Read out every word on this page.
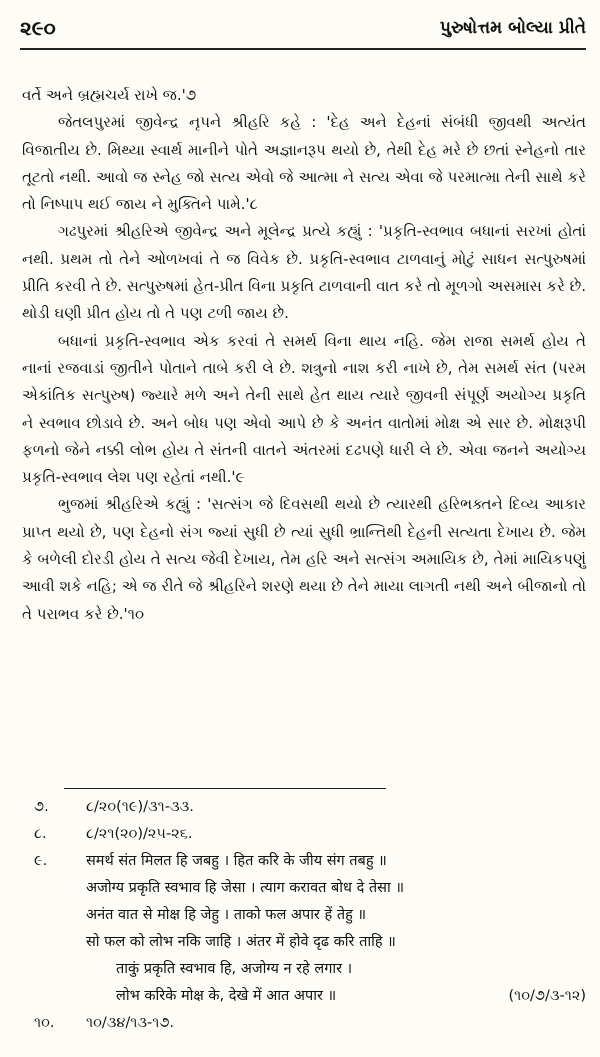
૨૯૦	પુરુષોત્તમ બોલ્યા પ્રીતે

વર્તે અને બ્રહ્મચર્ય રાખે જ.'૭

જેતલપુરમાં જીવેન્દ્ર નૃપને શ્રીહરિ કહે : 'દેહ અને દેહનાં સંબંધી જીવથી અત્યંત વિજાતીય છે. મિથ્યા સ્વાર્થ માનીને પોતે અજ્ઞાનરૂપ થયો છે, તેથી દેહ મરે છે છતાં સ્નેહનો તાર તૂટતો નથી. આવો જ સ્નેહ જો સત્ય એવો જે આત્મા ને સત્ય એવા જે પરમાત્મા તેની સાથે કરે તો નિષ્પાપ થઈ જાય ને મુક્તિને પામે.'૮

ગઢપુરમાં શ્રીહરિએ જીવેન્દ્ર અને મૂલેન્દ્ર પ્રત્યે કહ્યું : 'પ્રકૃતિ-સ્વભાવ બધાનાં સરખાં હોતાં નથી. પ્રથમ તો તેને ઓળખવાં તે જ વિવેક છે. પ્રકૃતિ-સ્વભાવ ટાળવાનું મોટું સાધન સત્પુરુષમાં પ્રીતિ કરવી તે છે. સત્પુરુષમાં હેત-પ્રીત વિના પ્રકૃતિ ટાળવાની વાત કરે તો મૂળગો અસમાસ કરે છે. થોડી ઘણી પ્રીત હોય તો તે પણ ટળી જાય છે.

બધાનાં પ્રકૃતિ-સ્વભાવ એક કરવાં તે સમર્થ વિના થાય નહિ. જેમ રાજા સમર્થ હોય તે નાનાં રજવાડાં જીતીને પોતાને તાબે કરી લે છે. શત્રુનો નાશ કરી નાખે છે, તેમ સમર્થ સંત (પરમ એકાંતિક સત્પુરુષ) જ્યારે મળે અને તેની સાથે હેત થાય ત્યારે જીવની સંપૂર્ણ અયોગ્ય પ્રકૃતિ ને સ્વભાવ છોડાવે છે. અને બોધ પણ એવો આપે છે કે અનંત વાતોમાં મોક્ષ એ સાર છે. મોક્ષરૂપી ફળનો જેને નક્કી લોભ હોય તે સંતની વાતને અંતરમાં દઢપણે ધારી લે છે. એવા જનને અયોગ્ય પ્રકૃતિ-સ્વભાવ લેશ પણ રહેતાં નથી.'૯

ભુજમાં શ્રીહરિએ કહ્યું : 'સત્સંગ જે દિવસથી થયો છે ત્યારથી હરિભક્તને દિવ્ય આકાર પ્રાપ્ત થયો છે, પણ દેહનો સંગ જ્યાં સુધી છે ત્યાં સુધી ભ્રાન્તિથી દેહની સત્યતા દેખાય છે. જેમ કે બળેલી દોરડી હોય તે સત્ય જેવી દેખાય, તેમ હરિ અને સત્સંગ અમાયિક છે, તેમાં માયિકપણું આવી શકે નહિ; એ જ રીતે જે શ્રીહરિને શરણે થયા છે તેને માયા લાગતી નથી અને બીજાનો તો તે પરાભવ કરે છે.'૧૦

૭.	૮/૨૦(૧૯)/૩૧-૩૩.
૮.	૮/૨૧(૨૦)/૨૫-૨૬.
૯.	समर्थ संत मिलत हि जबहु । हित करि के जीय संग तबहु ॥
अजोग्य प्रकृति स्वभाव हि जेसा । त्याग करावत बोध दे तेसा ॥
अनंत वात से मोक्ष हि जेहु । ताको फल अपार हें तेहु ॥
सो फल को लोभ नकि जाहि । अंतर में होवे दृढ करि ताहि ॥
ताकुं प्रकृति स्वभाव हि, अजोग्य न रहे लगार ।
लोभ करिके मोक्ष के, देखे में आत अपार ॥	(૧૦/૭/૩-૧૨)
૧૦. ૧૦/૩૪/૧૩-૧૭.
